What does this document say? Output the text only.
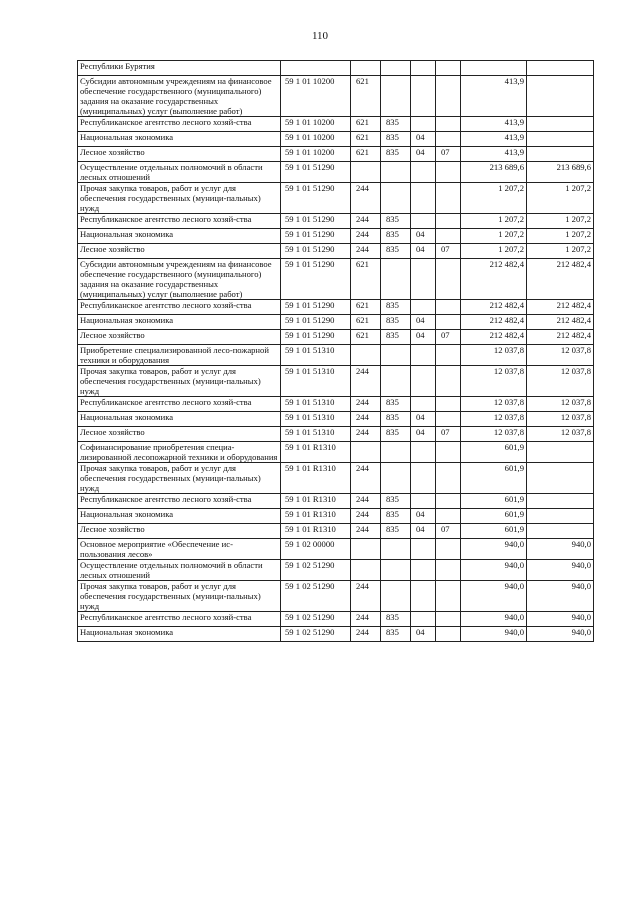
110
Республики Бурятия							
Субсидии автономным учреждениям на финансовое обеспечение государственного (муниципального) задания на оказание государственных (муниципальных) услуг (выполнение работ)	59 1 01 10200	621				413,9	
Республиканское агентство лесного хозяй-ства	59 1 01 10200	621	835			413,9	
Национальная экономика	59 1 01 10200	621	835	04		413,9	
Лесное хозяйство	59 1 01 10200	621	835	04	07	413,9	
Осуществление отдельных полномочий в области лесных отношений	59 1 01 51290					213 689,6	213 689,6
Прочая закупка товаров, работ и услуг для обеспечения государственных (муници-пальных) нужд	59 1 01 51290	244				1 207,2	1 207,2
Республиканское агентство лесного хозяй-ства	59 1 01 51290	244	835			1 207,2	1 207,2
Национальная экономика	59 1 01 51290	244	835	04		1 207,2	1 207,2
Лесное хозяйство	59 1 01 51290	244	835	04	07	1 207,2	1 207,2
Субсидии автономным учреждениям на финансовое обеспечение государственного (муниципального) задания на оказание государственных (муниципальных) услуг (выполнение работ)	59 1 01 51290	621				212 482,4	212 482,4
Республиканское агентство лесного хозяй-ства	59 1 01 51290	621	835			212 482,4	212 482,4
Национальная экономика	59 1 01 51290	621	835	04		212 482,4	212 482,4
Лесное хозяйство	59 1 01 51290	621	835	04	07	212 482,4	212 482,4
Приобретение специализированной лесо-пожарной техники и оборудования	59 1 01 51310					12 037,8	12 037,8
Прочая закупка товаров, работ и услуг для обеспечения государственных (муници-пальных) нужд	59 1 01 51310	244				12 037,8	12 037,8
Республиканское агентство лесного хозяй-ства	59 1 01 51310	244	835			12 037,8	12 037,8
Национальная экономика	59 1 01 51310	244	835	04		12 037,8	12 037,8
Лесное хозяйство	59 1 01 51310	244	835	04	07	12 037,8	12 037,8
Софинансирование приобретения специа-лизированной лесопожарной техники и оборудования	59 1 01 R1310					601,9	
Прочая закупка товаров, работ и услуг для обеспечения государственных (муници-пальных) нужд	59 1 01 R1310	244				601,9	
Республиканское агентство лесного хозяй-ства	59 1 01 R1310	244	835			601,9	
Национальная экономика	59 1 01 R1310	244	835	04		601,9	
Лесное хозяйство	59 1 01 R1310	244	835	04	07	601,9	
Основное мероприятие «Обеспечение ис-пользования лесов»	59 1 02 00000					940,0	940,0
Осуществление отдельных полномочий в области лесных отношений	59 1 02 51290					940,0	940,0
Прочая закупка товаров, работ и услуг для обеспечения государственных (муници-пальных) нужд	59 1 02 51290	244				940,0	940,0
Республиканское агентство лесного хозяй-ства	59 1 02 51290	244	835			940,0	940,0
Национальная экономика	59 1 02 51290	244	835	04		940,0	940,0
